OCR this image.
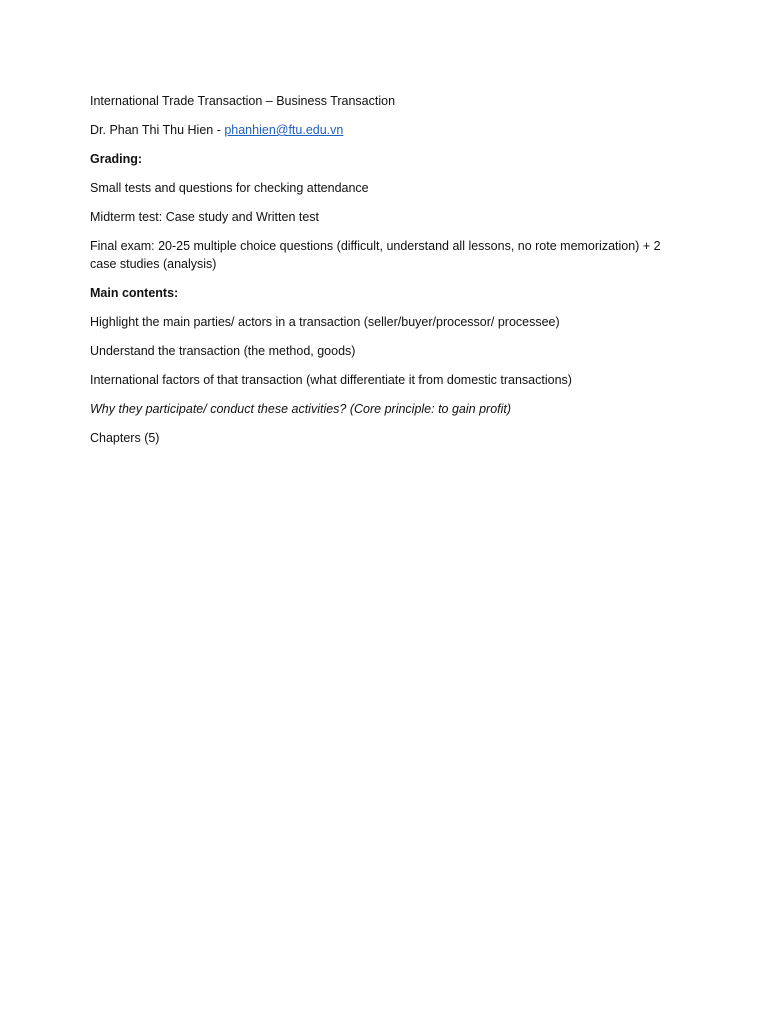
International Trade Transaction – Business Transaction

Dr. Phan Thi Thu Hien - phanhien@ftu.edu.vn

Grading:

Small tests and questions for checking attendance

Midterm test: Case study and Written test

Final exam: 20-25 multiple choice questions (difficult, understand all lessons, no rote memorization) + 2 case studies (analysis)

Main contents:

Highlight the main parties/ actors in a transaction (seller/buyer/processor/ processee)

Understand the transaction (the method, goods)

International factors of that transaction (what differentiate it from domestic transactions)

Why they participate/ conduct these activities? (Core principle: to gain profit)

Chapters (5)
